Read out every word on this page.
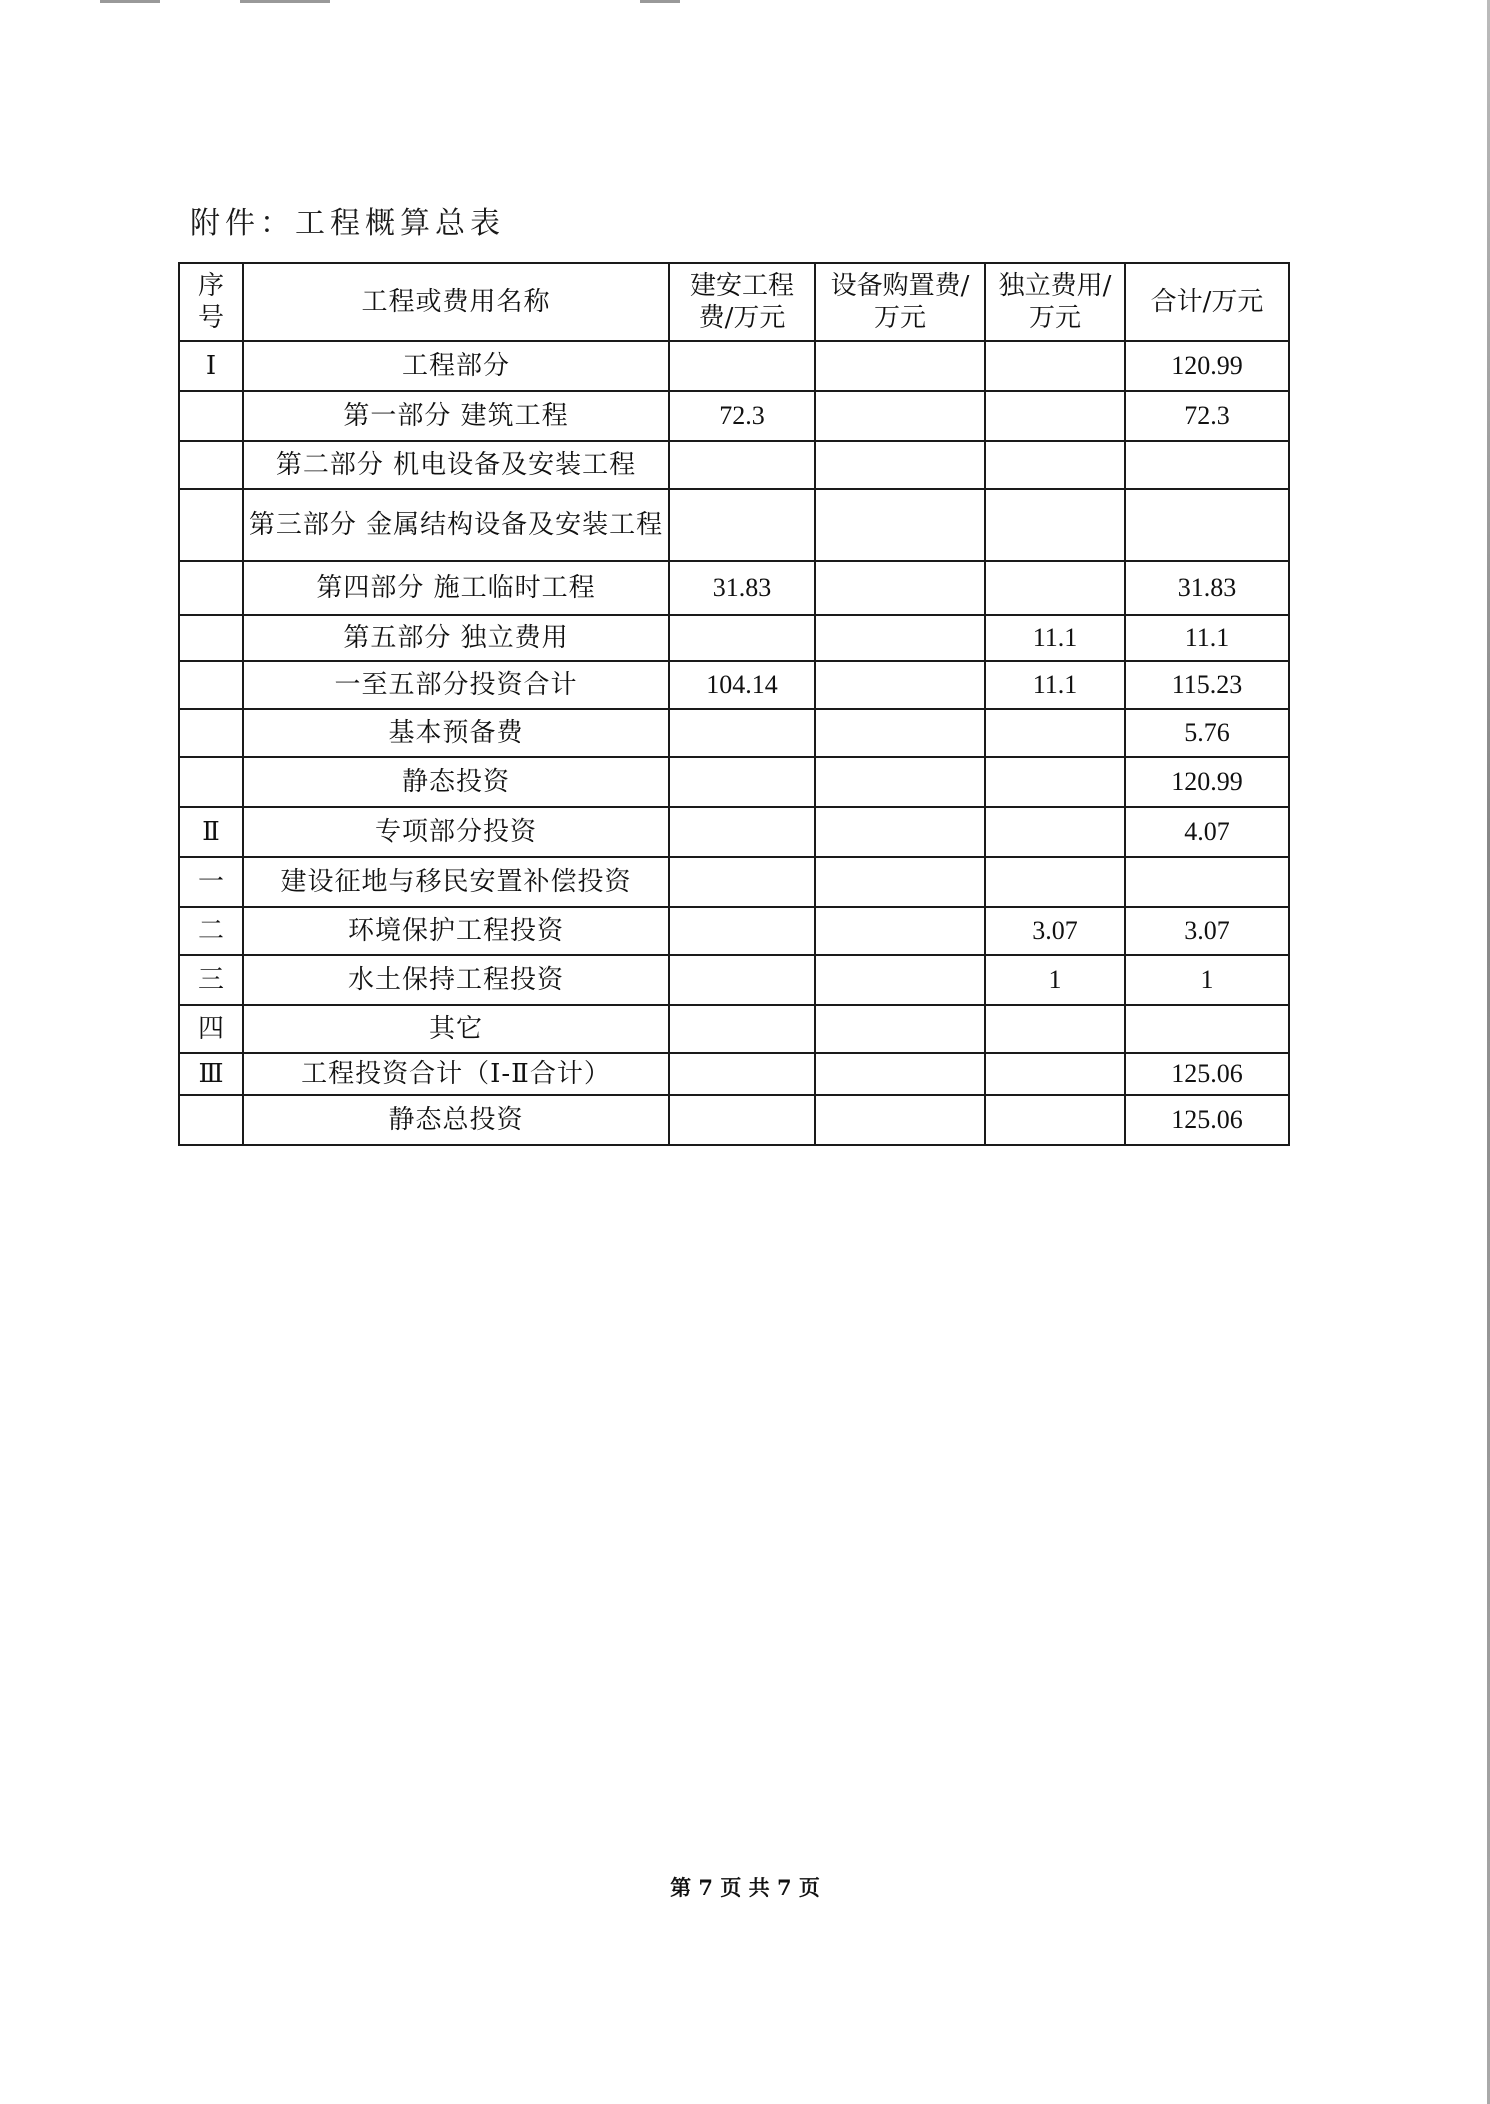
附件：工程概算总表
序号	工程或费用名称	建安工程费/万元	设备购置费/万元	独立费用/万元	合计/万元
Ⅰ	工程部分				120.99
	第一部分 建筑工程	72.3			72.3
	第二部分 机电设备及安装工程				
	第三部分 金属结构设备及安装工程				
	第四部分 施工临时工程	31.83			31.83
	第五部分 独立费用			11.1	11.1
	一至五部分投资合计	104.14		11.1	115.23
	基本预备费				5.76
	静态投资				120.99
Ⅱ	专项部分投资				4.07
一	建设征地与移民安置补偿投资				
二	环境保护工程投资			3.07	3.07
三	水土保持工程投资			1	1
四	其它				
Ⅲ	工程投资合计（Ⅰ-Ⅱ合计）				125.06
	静态总投资				125.06
第 7 页 共 7 页
